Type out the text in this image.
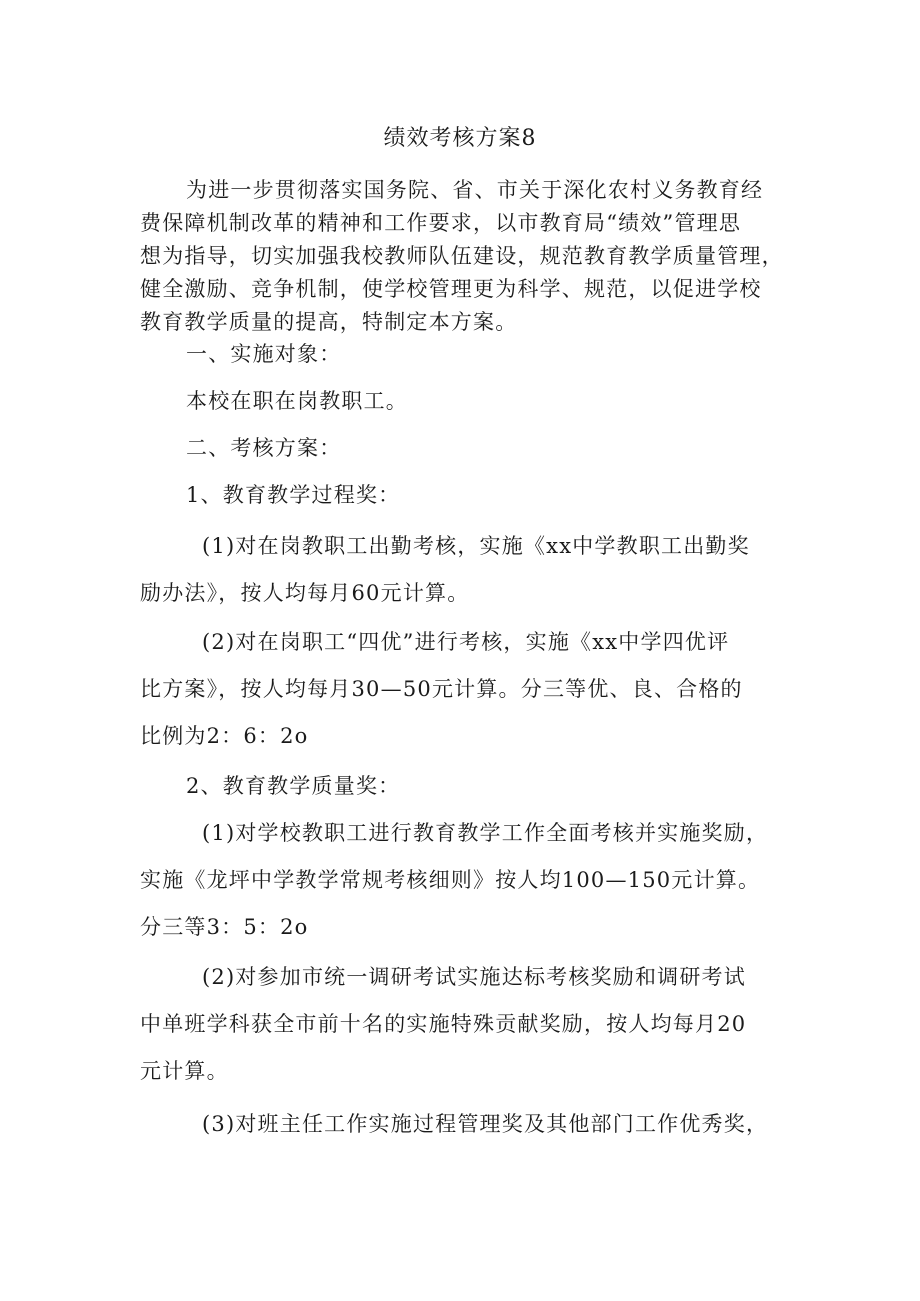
绩效考核方案8

为进一步贯彻落实国务院、省、市关于深化农村义务教育经
费保障机制改革的精神和工作要求，以市教育局“绩效”管理思
想为指导，切实加强我校教师队伍建设，规范教育教学质量管理，
健全激励、竞争机制，使学校管理更为科学、规范，以促进学校
教育教学质量的提高，特制定本方案。

一、实施对象：

本校在职在岗教职工。

二、考核方案：

1、教育教学过程奖：

(1)对在岗教职工出勤考核，实施《xx中学教职工出勤奖
励办法》，按人均每月60元计算。

(2)对在岗职工“四优”进行考核，实施《xx中学四优评
比方案》，按人均每月30—50元计算。分三等优、良、合格的
比例为2：6：2o

2、教育教学质量奖：

(1)对学校教职工进行教育教学工作全面考核并实施奖励，
实施《龙坪中学教学常规考核细则》按人均100—150元计算。
分三等3：5：2o

(2)对参加市统一调研考试实施达标考核奖励和调研考试
中单班学科获全市前十名的实施特殊贡献奖励，按人均每月20
元计算。

(3)对班主任工作实施过程管理奖及其他部门工作优秀奖，
